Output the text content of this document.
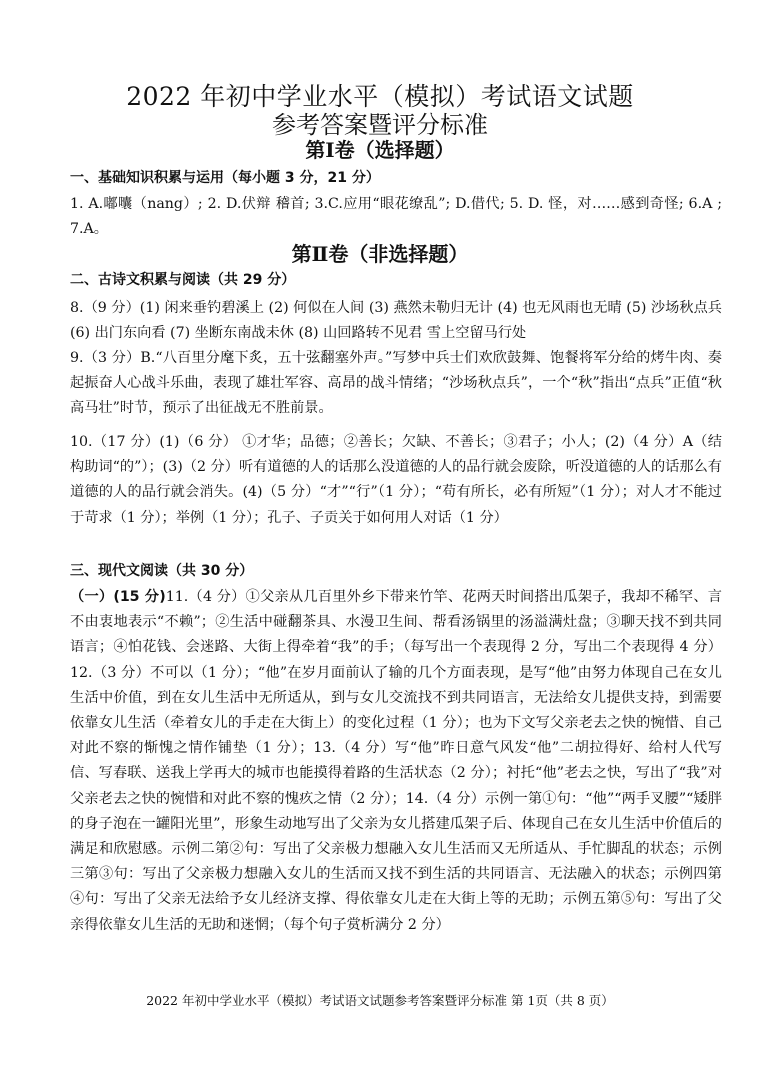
2022 年初中学业水平（模拟）考试语文试题
参考答案暨评分标准
第Ⅰ卷（选择题）
一、基础知识积累与运用（每小题 3 分，21 分）
1. A.嘟囔（nang）; 2. D.伏辩 稽首; 3.C.应用“眼花缭乱”; D.借代; 5. D. 怪，对……感到奇怪; 6.A ; 7.A。
第Ⅱ卷（非选择题）
二、古诗文积累与阅读（共 29 分）
8.（9 分）(1) 闲来垂钓碧溪上 (2) 何似在人间 (3) 燕然未勒归无计 (4) 也无风雨也无晴 (5) 沙场秋点兵 (6) 出门东向看 (7) 坐断东南战未休 (8) 山回路转不见君 雪上空留马行处
9.（3 分）B.“八百里分麾下炙，五十弦翻塞外声。”写梦中兵士们欢欣鼓舞、饱餐将军分给的烤牛肉、奏起振奋人心战斗乐曲，表现了雄壮军容、高昂的战斗情绪；“沙场秋点兵”，一个“秋”指出“点兵”正值“秋高马壮”时节，预示了出征战无不胜前景。
10.（17 分）(1)（6 分） ①才华；品德；②善长；欠缺、不善长；③君子；小人；(2)（4 分）A（结构助词“的”）；(3)（2 分）听有道德的人的话那么没道德的人的品行就会废除，听没道德的人的话那么有道德的人的品行就会消失。(4)（5 分）“才”“行”（1 分）；“苟有所长，必有所短”（1 分）；对人才不能过于苛求（1 分）；举例（1 分）；孔子、子贡关于如何用人对话（1 分）
三、现代文阅读（共 30 分）
（一）(15 分)11.（4 分）①父亲从几百里外乡下带来竹竿、花两天时间搭出瓜架子，我却不稀罕、言不由衷地表示“不赖”；②生活中碰翻茶具、水漫卫生间、帮看汤锅里的汤溢满灶盘；③聊天找不到共同语言；④怕花钱、会迷路、大街上得牵着“我”的手；（每写出一个表现得 2 分，写出二个表现得 4 分）12.（3 分）不可以（1 分）；“他”在岁月面前认了输的几个方面表现，是写“他”由努力体现自己在女儿生活中价值，到在女儿生活中无所适从，到与女儿交流找不到共同语言，无法给女儿提供支持，到需要依靠女儿生活（牵着女儿的手走在大街上）的变化过程（1 分）；也为下文写父亲老去之快的惋惜、自己对此不察的惭愧之情作铺垫（1 分）；13.（4 分）写“他”昨日意气风发“他”二胡拉得好、给村人代写信、写春联、送我上学再大的城市也能摸得着路的生活状态（2 分）；衬托“他”老去之快，写出了“我”对父亲老去之快的惋惜和对此不察的愧疚之情（2 分）；14.（4 分）示例一第①句：“他”“两手叉腰”“矮胖的身子泡在一罐阳光里”，形象生动地写出了父亲为女儿搭建瓜架子后、体现自己在女儿生活中价值后的满足和欣慰感。示例二第②句：写出了父亲极力想融入女儿生活而又无所适从、手忙脚乱的状态；示例三第③句：写出了父亲极力想融入女儿的生活而又找不到生活的共同语言、无法融入的状态；示例四第④句：写出了父亲无法给予女儿经济支撑、得依靠女儿走在大街上等的无助；示例五第⑤句：写出了父亲得依靠女儿生活的无助和迷惘；（每个句子赏析满分 2 分）
2022 年初中学业水平（模拟）考试语文试题参考答案暨评分标准 第 1页（共 8 页）
